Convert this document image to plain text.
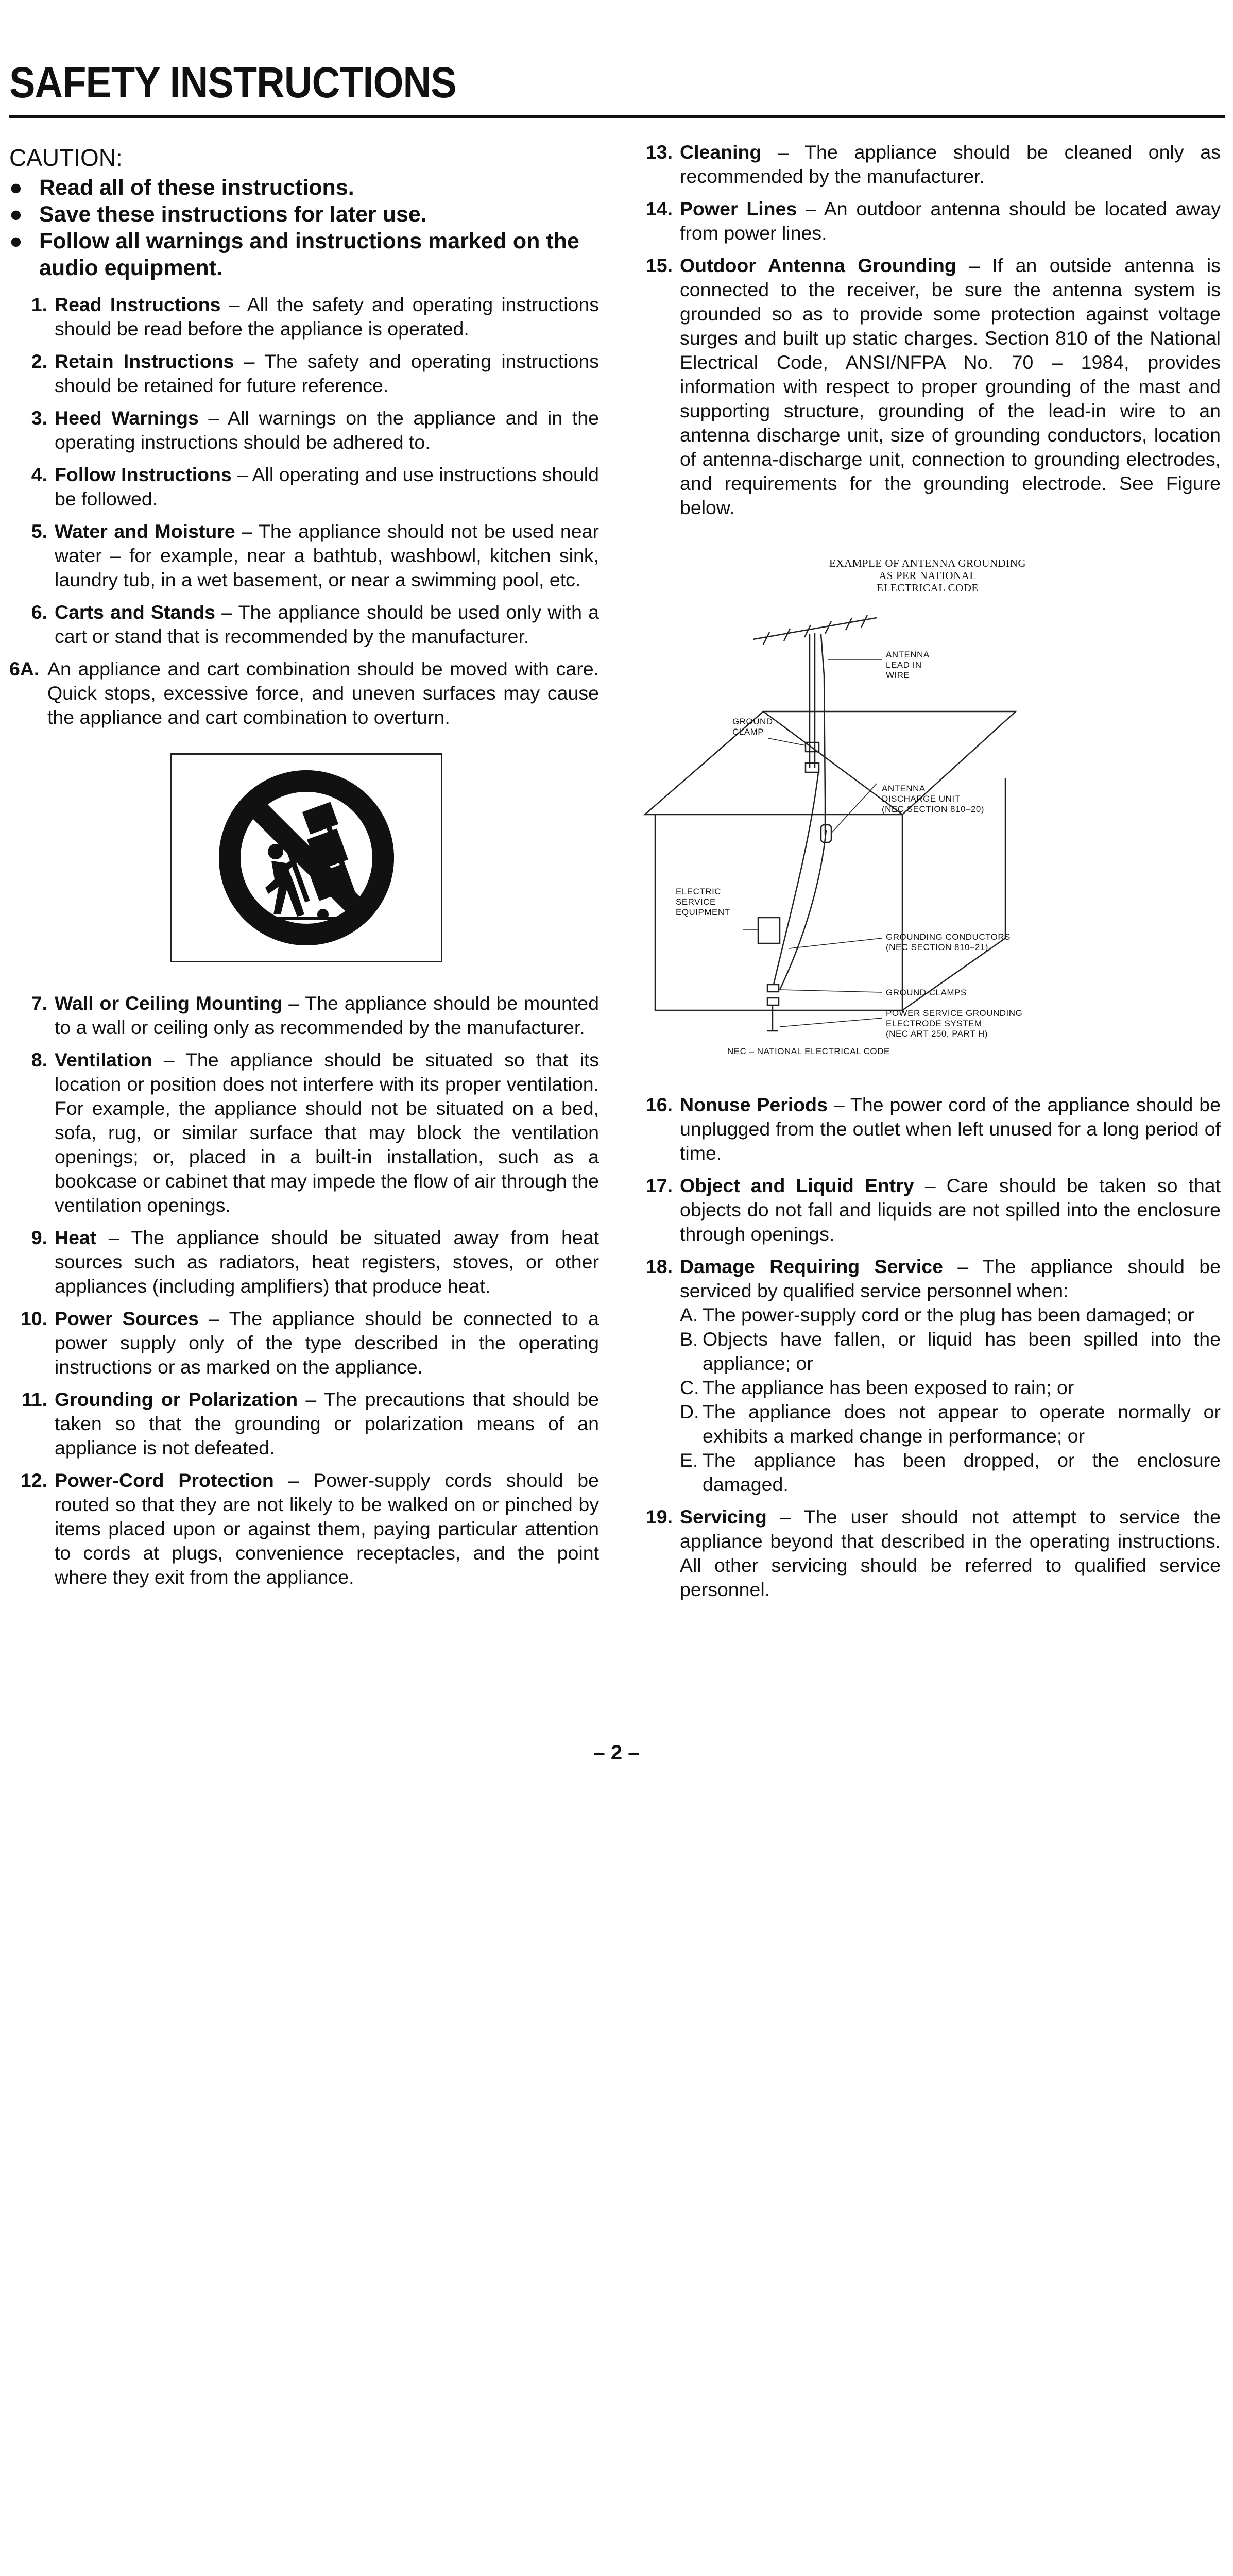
SAFETY INSTRUCTIONS
CAUTION:
● Read all of these instructions.
● Save these instructions for later use.
● Follow all warnings and instructions marked on the audio equipment.
1. Read Instructions – All the safety and operating instructions should be read before the appliance is operated.
2. Retain Instructions – The safety and operating instructions should be retained for future reference.
3. Heed Warnings – All warnings on the appliance and in the operating instructions should be adhered to.
4. Follow Instructions – All operating and use instructions should be followed.
5. Water and Moisture – The appliance should not be used near water – for example, near a bathtub, washbowl, kitchen sink, laundry tub, in a wet basement, or near a swimming pool, etc.
6. Carts and Stands – The appliance should be used only with a cart or stand that is recommended by the manufacturer.
6A. An appliance and cart combination should be moved with care. Quick stops, excessive force, and uneven surfaces may cause the appliance and cart combination to overturn.
7. Wall or Ceiling Mounting – The appliance should be mounted to a wall or ceiling only as recommended by the manufacturer.
8. Ventilation – The appliance should be situated so that its location or position does not interfere with its proper ventilation. For example, the appliance should not be situated on a bed, sofa, rug, or similar surface that may block the ventilation openings; or, placed in a built-in installation, such as a bookcase or cabinet that may impede the flow of air through the ventilation openings.
9. Heat – The appliance should be situated away from heat sources such as radiators, heat registers, stoves, or other appliances (including amplifiers) that produce heat.
10. Power Sources – The appliance should be connected to a power supply only of the type described in the operating instructions or as marked on the appliance.
11. Grounding or Polarization – The precautions that should be taken so that the grounding or polarization means of an appliance is not defeated.
12. Power-Cord Protection – Power-supply cords should be routed so that they are not likely to be walked on or pinched by items placed upon or against them, paying particular attention to cords at plugs, convenience receptacles, and the point where they exit from the appliance.
13. Cleaning – The appliance should be cleaned only as recommended by the manufacturer.
14. Power Lines – An outdoor antenna should be located away from power lines.
15. Outdoor Antenna Grounding – If an outside antenna is connected to the receiver, be sure the antenna system is grounded so as to provide some protection against voltage surges and built up static charges. Section 810 of the National Electrical Code, ANSI/NFPA No. 70 – 1984, provides information with respect to proper grounding of the mast and supporting structure, grounding of the lead-in wire to an antenna discharge unit, size of grounding conductors, location of antenna-discharge unit, connection to grounding electrodes, and requirements for the grounding electrode. See Figure below.
EXAMPLE OF ANTENNA GROUNDING
AS PER NATIONAL
ELECTRICAL CODE
ANTENNA
LEAD IN
WIRE
GROUND
CLAMP
ANTENNA
DISCHARGE UNIT
(NEC SECTION 810–20)
ELECTRIC
SERVICE
EQUIPMENT
GROUNDING CONDUCTORS
(NEC SECTION 810–21)
GROUND CLAMPS
POWER SERVICE GROUNDING
ELECTRODE SYSTEM
(NEC ART 250, PART H)
NEC – NATIONAL ELECTRICAL CODE
16. Nonuse Periods – The power cord of the appliance should be unplugged from the outlet when left unused for a long period of time.
17. Object and Liquid Entry – Care should be taken so that objects do not fall and liquids are not spilled into the enclosure through openings.
18. Damage Requiring Service – The appliance should be serviced by qualified service personnel when:
A. The power-supply cord or the plug has been damaged; or
B. Objects have fallen, or liquid has been spilled into the appliance; or
C. The appliance has been exposed to rain; or
D. The appliance does not appear to operate normally or exhibits a marked change in performance; or
E. The appliance has been dropped, or the enclosure damaged.
19. Servicing – The user should not attempt to service the appliance beyond that described in the operating instructions. All other servicing should be referred to qualified service personnel.
– 2 –
